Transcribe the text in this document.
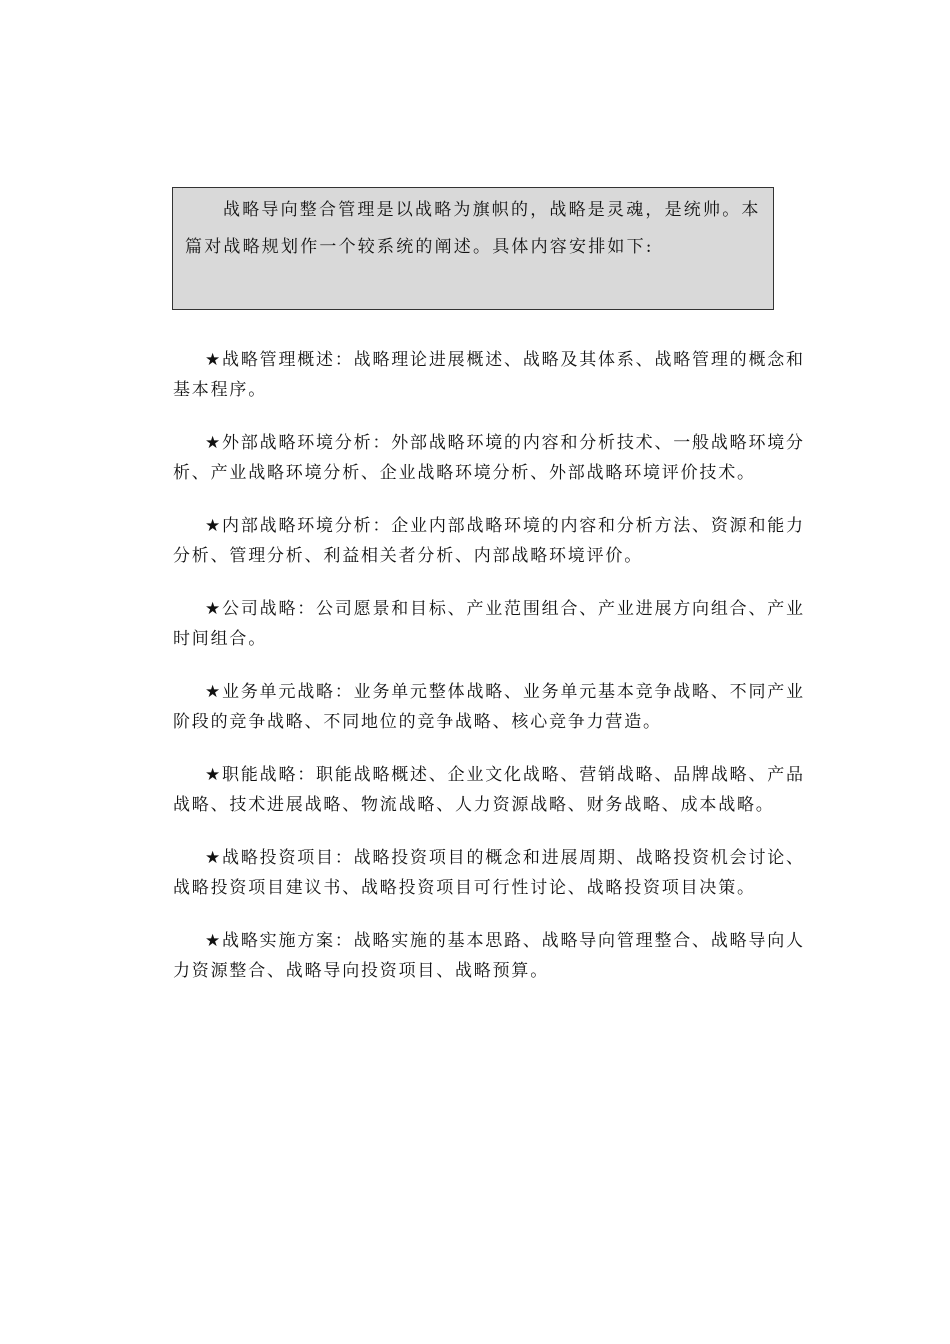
战略导向整合管理是以战略为旗帜的，战略是灵魂，是统帅。本篇对战略规划作一个较系统的阐述。具体内容安排如下:

★战略管理概述：战略理论进展概述、战略及其体系、战略管理的概念和基本程序。

★外部战略环境分析：外部战略环境的内容和分析技术、一般战略环境分析、产业战略环境分析、企业战略环境分析、外部战略环境评价技术。

★内部战略环境分析：企业内部战略环境的内容和分析方法、资源和能力分析、管理分析、利益相关者分析、内部战略环境评价。

★公司战略：公司愿景和目标、产业范围组合、产业进展方向组合、产业时间组合。

★业务单元战略：业务单元整体战略、业务单元基本竞争战略、不同产业阶段的竞争战略、不同地位的竞争战略、核心竞争力营造。

★职能战略：职能战略概述、企业文化战略、营销战略、品牌战略、产品战略、技术进展战略、物流战略、人力资源战略、财务战略、成本战略。

★战略投资项目：战略投资项目的概念和进展周期、战略投资机会讨论、战略投资项目建议书、战略投资项目可行性讨论、战略投资项目决策。

★战略实施方案：战略实施的基本思路、战略导向管理整合、战略导向人力资源整合、战略导向投资项目、战略预算。
